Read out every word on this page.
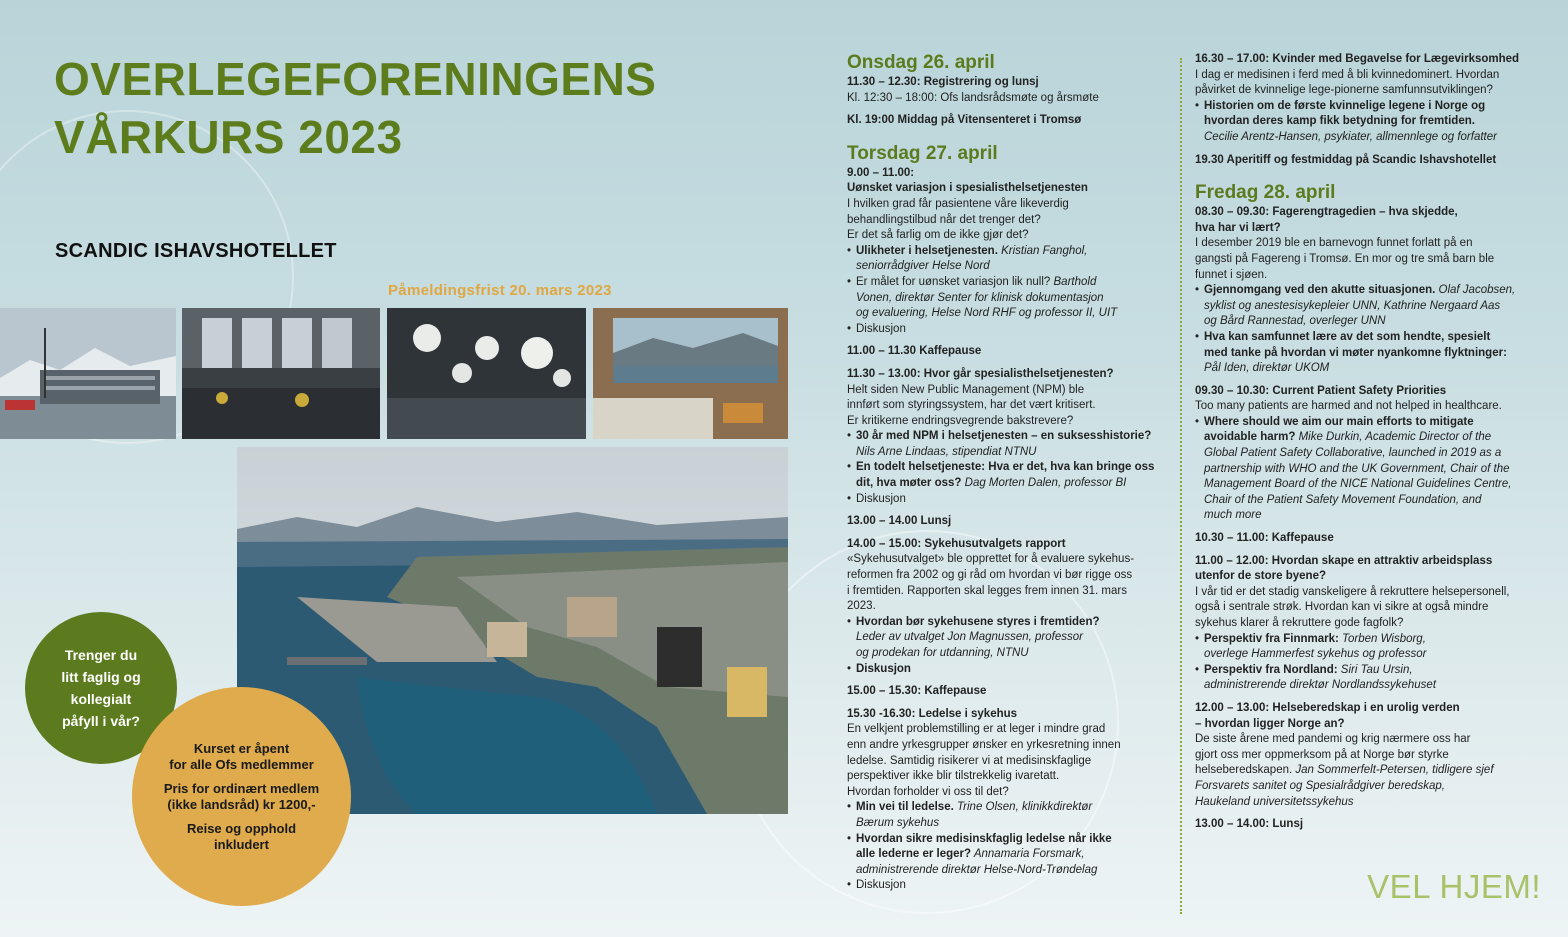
OVERLEGEFORENINGENS
VÅRKURS 2023
SCANDIC ISHAVSHOTELLET
Påmeldingsfrist 20. mars 2023
Trenger du
litt faglig og
kollegialt
påfyll i vår?

Kurset er åpent
for alle Ofs medlemmer

Pris for ordinært medlem
(ikke landsråd) kr 1200,-

Reise og opphold
inkludert

Onsdag 26. april
11.30 – 12.30: Registrering og lunsj
Kl. 12:30 – 18:00: Ofs landsrådsmøte og årsmøte
Kl. 19:00 Middag på Vitensenteret i Tromsø
Torsdag 27. april
9.00 – 11.00:
Uønsket variasjon i spesialisthelsetjenesten
I hvilken grad får pasientene våre likeverdig
behandlingstilbud når det trenger det?
Er det så farlig om de ikke gjør det?
• Ulikheter i helsetjenesten. Kristian Fanghol,
seniorrådgiver Helse Nord
• Er målet for uønsket variasjon lik null? Barthold
Vonen, direktør Senter for klinisk dokumentasjon
og evaluering, Helse Nord RHF og professor II, UIT
• Diskusjon
11.00 – 11.30 Kaffepause
11.30 – 13.00: Hvor går spesialisthelsetjenesten?
Helt siden New Public Management (NPM) ble
innført som styringssystem, har det vært kritisert.
Er kritikerne endringsvegrende bakstrevere?
• 30 år med NPM i helsetjenesten – en suksesshistorie?
Nils Arne Lindaas, stipendiat NTNU
• En todelt helsetjeneste: Hva er det, hva kan bringe oss
dit, hva møter oss? Dag Morten Dalen, professor BI
• Diskusjon
13.00 – 14.00 Lunsj
14.00 – 15.00: Sykehusutvalgets rapport
«Sykehusutvalget» ble opprettet for å evaluere sykehus-
reformen fra 2002 og gi råd om hvordan vi bør rigge oss
i fremtiden. Rapporten skal legges frem innen 31. mars
2023.
• Hvordan bør sykehusene styres i fremtiden?
Leder av utvalget Jon Magnussen, professor
og prodekan for utdanning, NTNU
• Diskusjon
15.00 – 15.30: Kaffepause
15.30 -16.30: Ledelse i sykehus
En velkjent problemstilling er at leger i mindre grad
enn andre yrkesgrupper ønsker en yrkesretning innen
ledelse. Samtidig risikerer vi at medisinskfaglige
perspektiver ikke blir tilstrekkelig ivaretatt.
Hvordan forholder vi oss til det?
• Min vei til ledelse. Trine Olsen, klinikkdirektør
Bærum sykehus
• Hvordan sikre medisinskfaglig ledelse når ikke
alle lederne er leger? Annamaria Forsmark,
administrerende direktør Helse-Nord-Trøndelag
• Diskusjon
16.30 – 17.00: Kvinder med Begavelse for Lægevirksomhed
I dag er medisinen i ferd med å bli kvinnedominert. Hvordan
påvirket de kvinnelige lege-pionerne samfunnsutviklingen?
• Historien om de første kvinnelige legene i Norge og
hvordan deres kamp fikk betydning for fremtiden.
Cecilie Arentz-Hansen, psykiater, allmennlege og forfatter
19.30 Aperitiff og festmiddag på Scandic Ishavshotellet
Fredag 28. april
08.30 – 09.30: Fagerengtragedien – hva skjedde,
hva har vi lært?
I desember 2019 ble en barnevogn funnet forlatt på en
gangsti på Fagereng i Tromsø. En mor og tre små barn ble
funnet i sjøen.
• Gjennomgang ved den akutte situasjonen. Olaf Jacobsen,
syklist og anestesisykepleier UNN, Kathrine Nergaard Aas
og Bård Rannestad, overleger UNN
• Hva kan samfunnet lære av det som hendte, spesielt
med tanke på hvordan vi møter nyankomne flyktninger:
Pål Iden, direktør UKOM
09.30 – 10.30: Current Patient Safety Priorities
Too many patients are harmed and not helped in healthcare.
• Where should we aim our main efforts to mitigate
avoidable harm? Mike Durkin, Academic Director of the
Global Patient Safety Collaborative, launched in 2019 as a
partnership with WHO and the UK Government, Chair of the
Management Board of the NICE National Guidelines Centre,
Chair of the Patient Safety Movement Foundation, and
much more
10.30 – 11.00: Kaffepause
11.00 – 12.00: Hvordan skape en attraktiv arbeidsplass
utenfor de store byene?
I vår tid er det stadig vanskeligere å rekruttere helsepersonell,
også i sentrale strøk. Hvordan kan vi sikre at også mindre
sykehus klarer å rekruttere gode fagfolk?
• Perspektiv fra Finnmark: Torben Wisborg,
overlege Hammerfest sykehus og professor
• Perspektiv fra Nordland: Siri Tau Ursin,
administrerende direktør Nordlandssykehuset
12.00 – 13.00: Helseberedskap i en urolig verden
– hvordan ligger Norge an?
De siste årene med pandemi og krig nærmere oss har
gjort oss mer oppmerksom på at Norge bør styrke
helseberedskapen. Jan Sommerfelt-Petersen, tidligere sjef
Forsvarets sanitet og Spesialrådgiver beredskap,
Haukeland universitetssykehus
13.00 – 14.00: Lunsj
VEL HJEM!
